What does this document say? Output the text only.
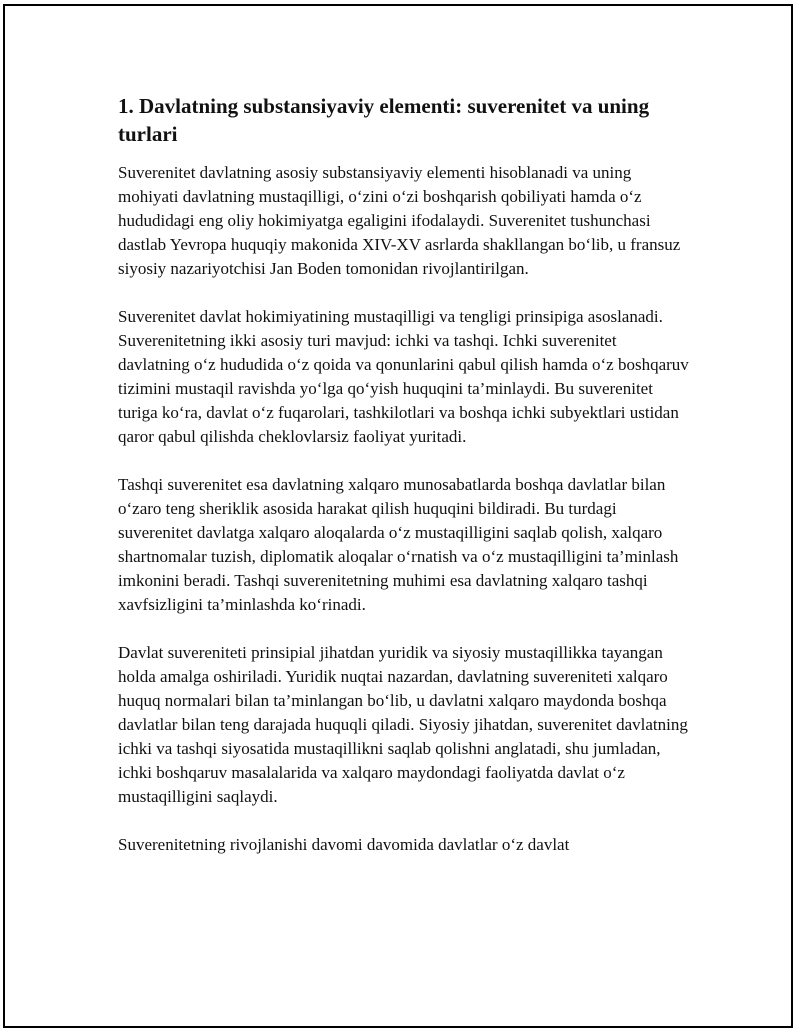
1. Davlatning substansiyaviy elementi: suverenitet va uning turlari

Suverenitet davlatning asosiy substansiyaviy elementi hisoblanadi va uning mohiyati davlatning mustaqilligi, o‘zini o‘zi boshqarish qobiliyati hamda o‘z hududidagi eng oliy hokimiyatga egaligini ifodalaydi. Suverenitet tushunchasi dastlab Yevropa huquqiy makonida XIV-XV asrlarda shakllangan bo‘lib, u fransuz siyosiy nazariyotchisi Jan Boden tomonidan rivojlantirilgan.

Suverenitet davlat hokimiyatining mustaqilligi va tengligi prinsipiga asoslanadi. Suverenitetning ikki asosiy turi mavjud: ichki va tashqi. Ichki suverenitet davlatning o‘z hududida o‘z qoida va qonunlarini qabul qilish hamda o‘z boshqaruv tizimini mustaqil ravishda yo‘lga qo‘yish huquqini ta’minlaydi. Bu suverenitet turiga ko‘ra, davlat o‘z fuqarolari, tashkilotlari va boshqa ichki subyektlari ustidan qaror qabul qilishda cheklovlarsiz faoliyat yuritadi.

Tashqi suverenitet esa davlatning xalqaro munosabatlarda boshqa davlatlar bilan o‘zaro teng sheriklik asosida harakat qilish huquqini bildiradi. Bu turdagi suverenitet davlatga xalqaro aloqalarda o‘z mustaqilligini saqlab qolish, xalqaro shartnomalar tuzish, diplomatik aloqalar o‘rnatish va o‘z mustaqilligini ta’minlash imkonini beradi. Tashqi suverenitetning muhimi esa davlatning xalqaro tashqi xavfsizligini ta’minlashda ko‘rinadi.

Davlat suvereniteti prinsipial jihatdan yuridik va siyosiy mustaqillikka tayangan holda amalga oshiriladi. Yuridik nuqtai nazardan, davlatning suvereniteti xalqaro huquq normalari bilan ta’minlangan bo‘lib, u davlatni xalqaro maydonda boshqa davlatlar bilan teng darajada huquqli qiladi. Siyosiy jihatdan, suverenitet davlatning ichki va tashqi siyosatida mustaqillikni saqlab qolishni anglatadi, shu jumladan, ichki boshqaruv masalalarida va xalqaro maydondagi faoliyatda davlat o‘z mustaqilligini saqlaydi.

Suverenitetning rivojlanishi davomi davomida davlatlar o‘z davlat
